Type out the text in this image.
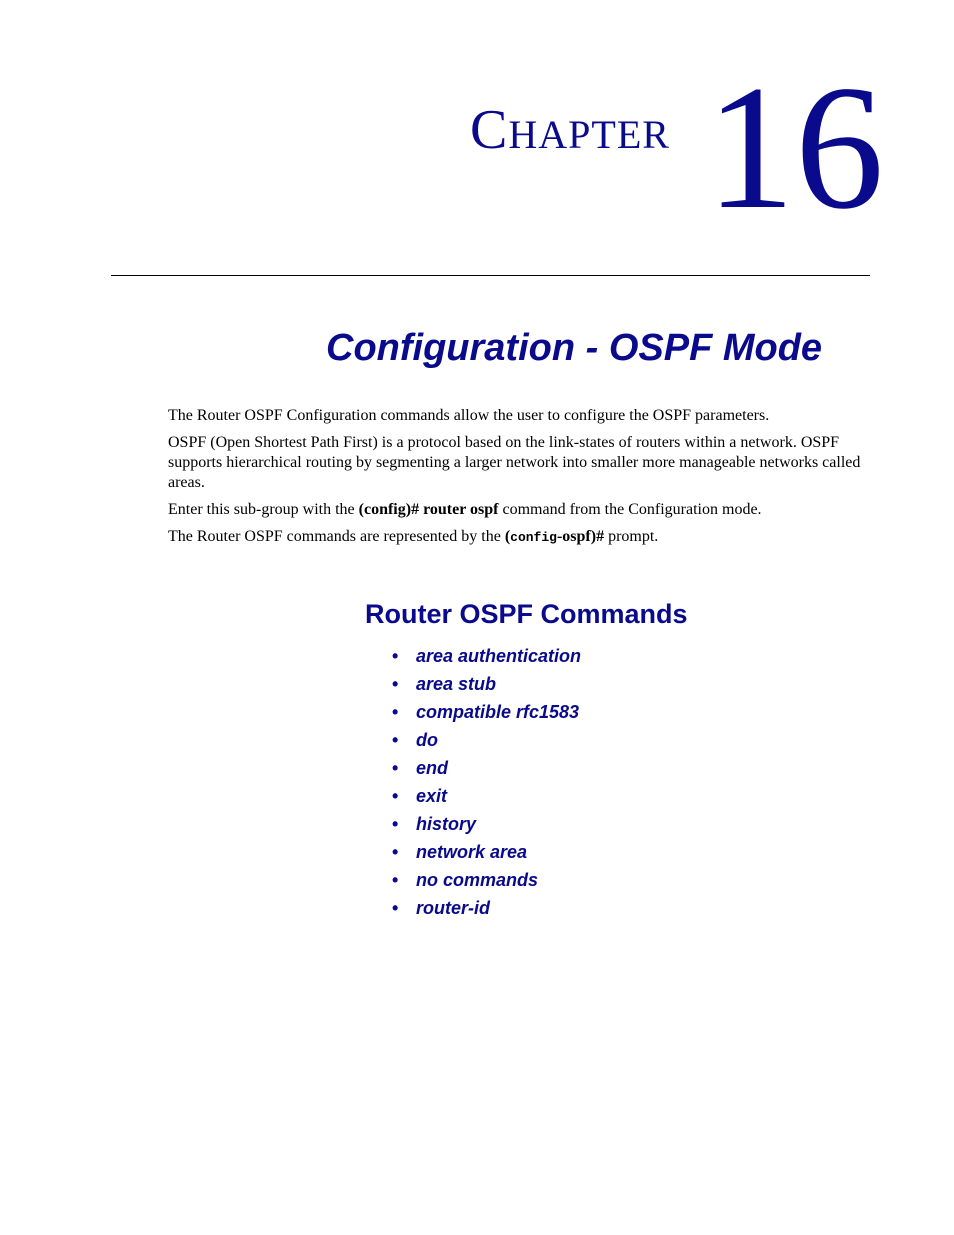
CHAPTER 16
Configuration - OSPF Mode

The Router OSPF Configuration commands allow the user to configure the OSPF parameters.

OSPF (Open Shortest Path First) is a protocol based on the link-states of routers within a network. OSPF supports hierarchical routing by segmenting a larger network into smaller more manageable networks called areas.

Enter this sub-group with the (config)# router ospf command from the Configuration mode.

The Router OSPF commands are represented by the (config-ospf)# prompt.

Router OSPF Commands
• area authentication
• area stub
• compatible rfc1583
• do
• end
• exit
• history
• network area
• no commands
• router-id
